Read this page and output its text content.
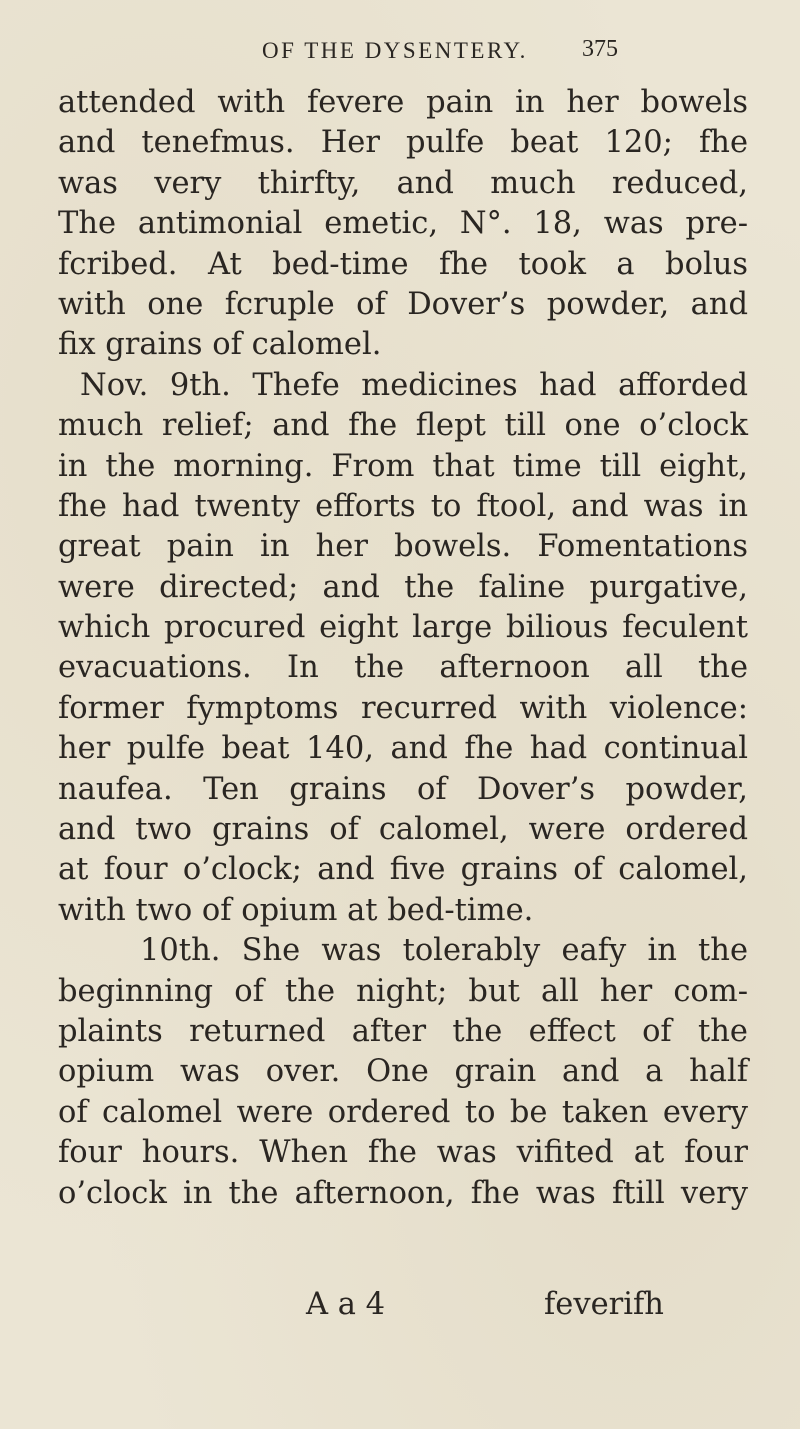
OF THE DYSENTERY.	375
attended with fevere pain in her bowels
and tenefmus. Her pulfe beat 120; fhe
was very thirfty, and much reduced,
The antimonial emetic, N°. 18, was pre-
fcribed. At bed-time fhe took a bolus
with one fcruple of Dover’s powder, and
fix grains of calomel.
Nov. 9th. Thefe medicines had afforded
much relief; and fhe flept till one o’clock
in the morning. From that time till eight,
fhe had twenty efforts to ftool, and was in
great pain in her bowels. Fomentations
were directed; and the faline purgative,
which procured eight large bilious feculent
evacuations. In the afternoon all the
former fymptoms recurred with violence:
her pulfe beat 140, and fhe had continual
naufea. Ten grains of Dover’s powder,
and two grains of calomel, were ordered
at four o’clock; and five grains of calomel,
with two of opium at bed-time.
10th. She was tolerably eafy in the
beginning of the night; but all her com-
plaints returned after the effect of the
opium was over. One grain and a half
of calomel were ordered to be taken every
four hours. When fhe was vifited at four
o’clock in the afternoon, fhe was ftill very
A a 4	feverifh
